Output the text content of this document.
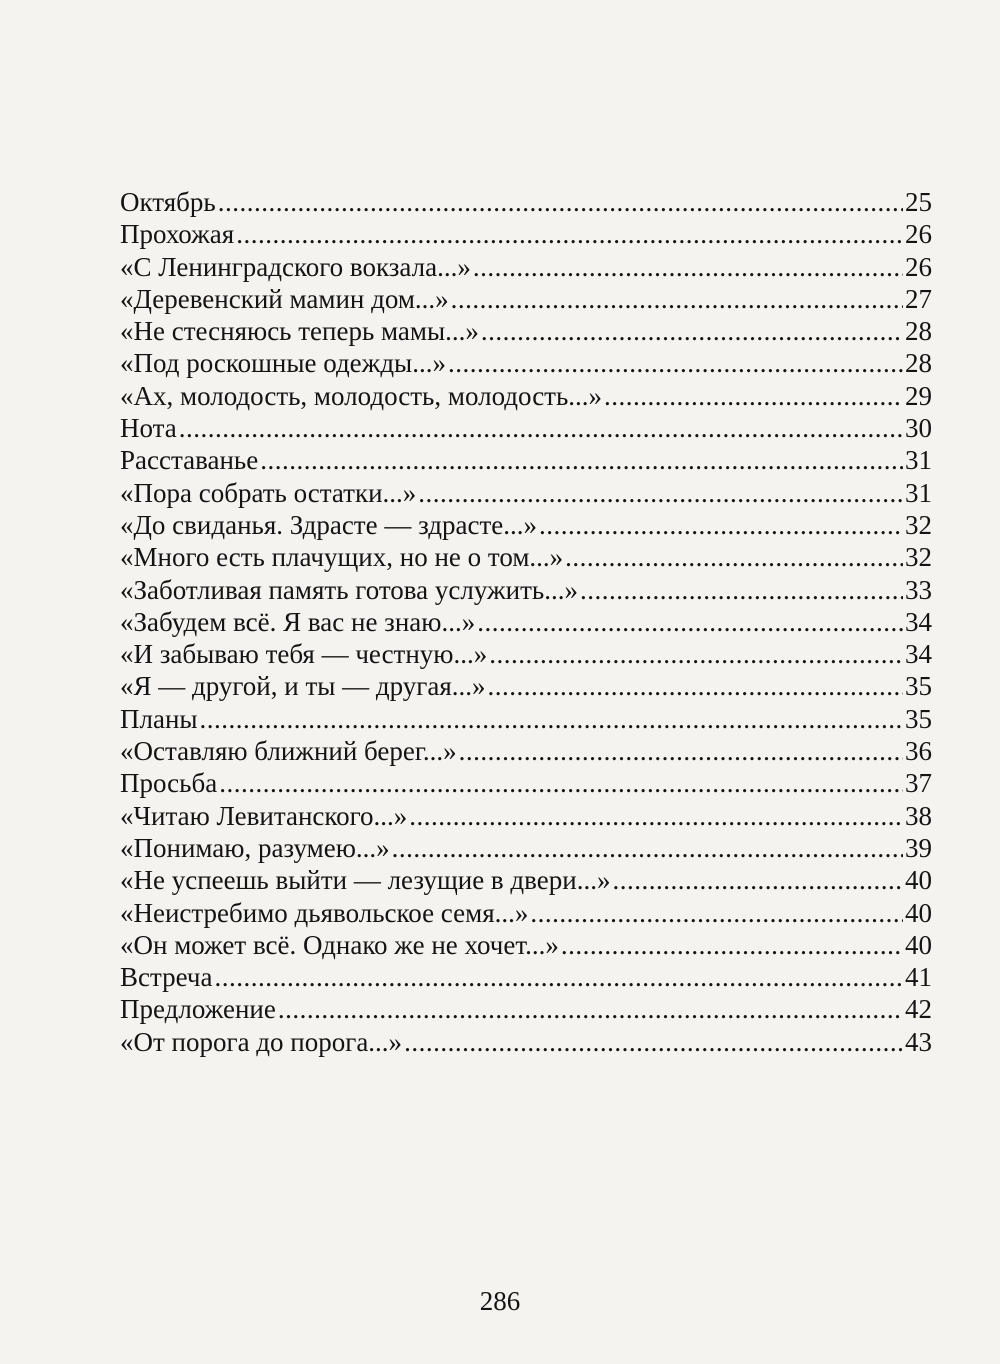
Октябрь .....	25
Прохожая .....	26
«С Ленинградского вокзала...» .....	26
«Деревенский мамин дом...» .....	27
«Не стесняюсь теперь мамы...» .....	28
«Под роскошные одежды...» .....	28
«Ах, молодость, молодость, молодость...» .....	29
Нота .....	30
Расставанье .....	31
«Пора собрать остатки...» .....	31
«До свиданья. Здрасте — здрасте...» .....	32
«Много есть плачущих, но не о том...» .....	32
«Заботливая память готова услужить...» .....	33
«Забудем всё. Я вас не знаю...» .....	34
«И забываю тебя — честную...» .....	34
«Я — другой, и ты — другая...» .....	35
Планы .....	35
«Оставляю ближний берег...» .....	36
Просьба .....	37
«Читаю Левитанского...» .....	38
«Понимаю, разумею...» .....	39
«Не успеешь выйти — лезущие в двери...» .....	40
«Неистребимо дьявольское семя...» .....	40
«Он может всё. Однако же не хочет...» .....	40
Встреча .....	41
Предложение .....	42
«От порога до порога...» .....	43
286
